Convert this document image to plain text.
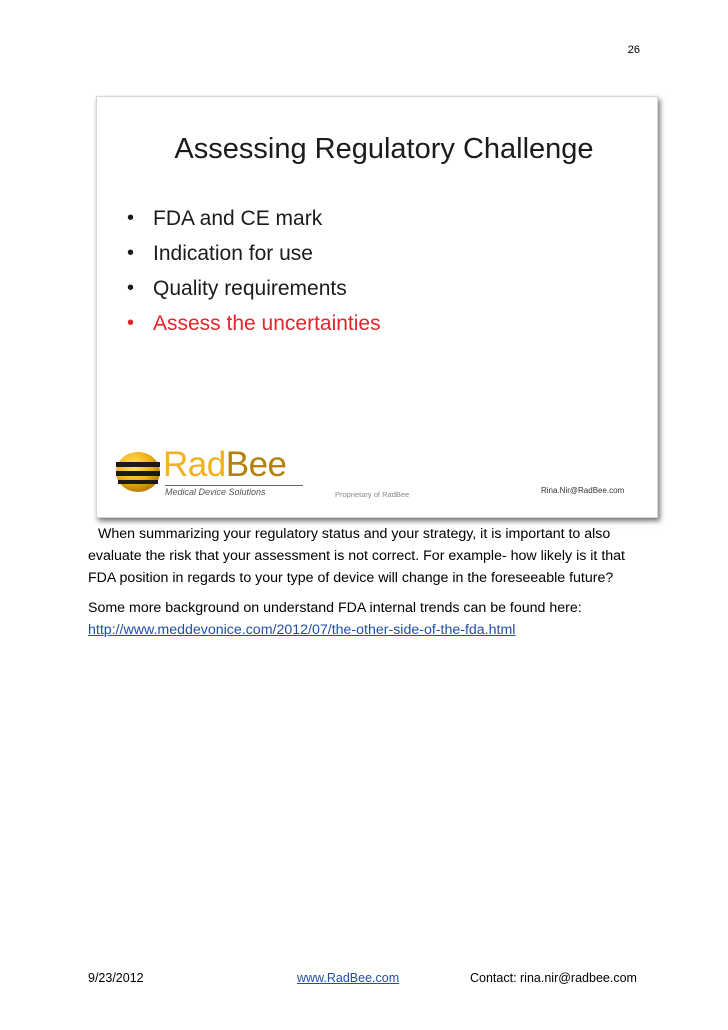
26
Assessing Regulatory Challenge
• FDA and CE mark
• Indication for use
• Quality requirements
• Assess the uncertainties
RadBee
Medical Device Solutions	Proprietary of RadBee	Rina.Nir@RadBee.com

When summarizing your regulatory status and your strategy, it is important to also evaluate the risk that your assessment is not correct. For example- how likely is it that FDA position in regards to your type of device will change in the foreseeable future?

Some more background on understand FDA internal trends can be found here:

http://www.meddevonice.com/2012/07/the-other-side-of-the-fda.html

9/23/2012	www.RadBee.com	Contact: rina.nir@radbee.com
